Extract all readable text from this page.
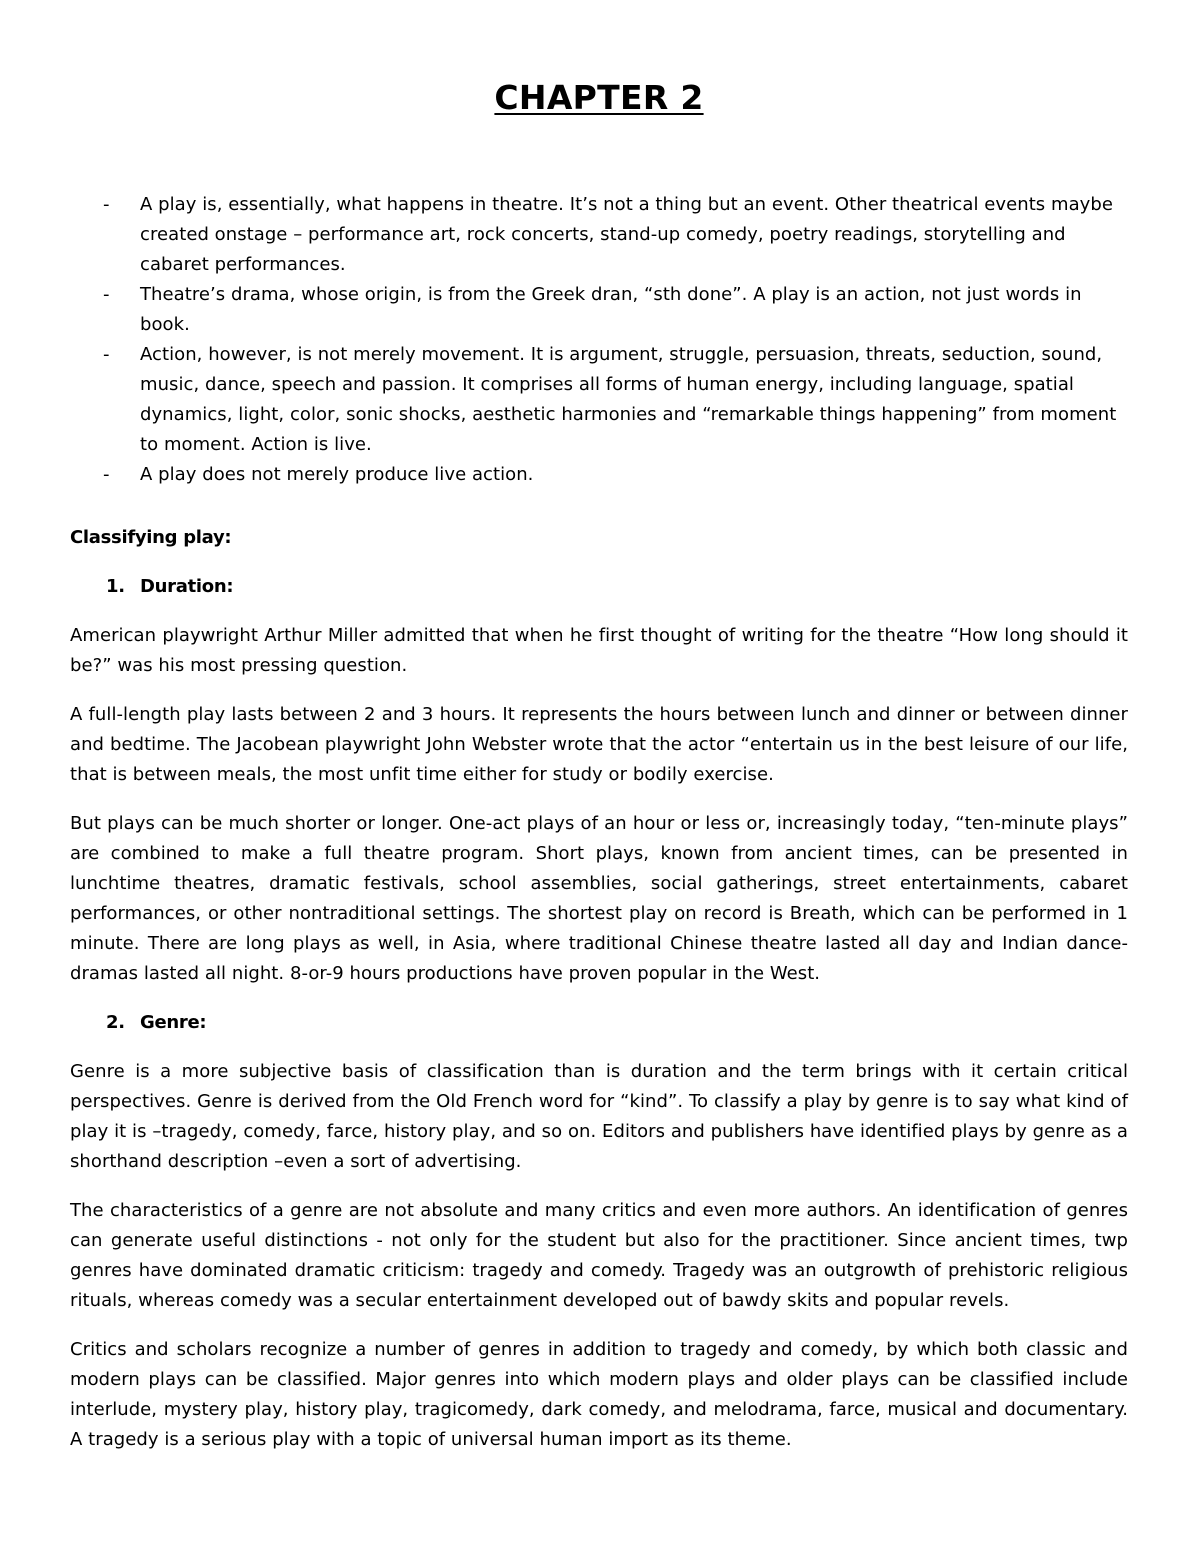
CHAPTER 2
- A play is, essentially, what happens in theatre. It’s not a thing but an event. Other theatrical events maybe created onstage – performance art, rock concerts, stand-up comedy, poetry readings, storytelling and cabaret performances.
- Theatre’s drama, whose origin, is from the Greek dran, “sth done”. A play is an action, not just words in book.
- Action, however, is not merely movement. It is argument, struggle, persuasion, threats, seduction, sound, music, dance, speech and passion. It comprises all forms of human energy, including language, spatial dynamics, light, color, sonic shocks, aesthetic harmonies and “remarkable things happening” from moment to moment. Action is live.
- A play does not merely produce live action.
Classifying play:
1. Duration:

American playwright Arthur Miller admitted that when he first thought of writing for the theatre “How long should it be?” was his most pressing question.

A full-length play lasts between 2 and 3 hours. It represents the hours between lunch and dinner or between dinner and bedtime. The Jacobean playwright John Webster wrote that the actor “entertain us in the best leisure of our life, that is between meals, the most unfit time either for study or bodily exercise.

But plays can be much shorter or longer. One-act plays of an hour or less or, increasingly today, “ten-minute plays” are combined to make a full theatre program. Short plays, known from ancient times, can be presented in lunchtime theatres, dramatic festivals, school assemblies, social gatherings, street entertainments, cabaret performances, or other nontraditional settings. The shortest play on record is Breath, which can be performed in 1 minute. There are long plays as well, in Asia, where traditional Chinese theatre lasted all day and Indian dance-dramas lasted all night. 8-or-9 hours productions have proven popular in the West.

2. Genre:

Genre is a more subjective basis of classification than is duration and the term brings with it certain critical perspectives. Genre is derived from the Old French word for “kind”. To classify a play by genre is to say what kind of play it is –tragedy, comedy, farce, history play, and so on. Editors and publishers have identified plays by genre as a shorthand description –even a sort of advertising.

The characteristics of a genre are not absolute and many critics and even more authors. An identification of genres can generate useful distinctions - not only for the student but also for the practitioner. Since ancient times, twp genres have dominated dramatic criticism: tragedy and comedy. Tragedy was an outgrowth of prehistoric religious rituals, whereas comedy was a secular entertainment developed out of bawdy skits and popular revels.

Critics and scholars recognize a number of genres in addition to tragedy and comedy, by which both classic and modern plays can be classified. Major genres into which modern plays and older plays can be classified include interlude, mystery play, history play, tragicomedy, dark comedy, and melodrama, farce, musical and documentary. A tragedy is a serious play with a topic of universal human import as its theme.
